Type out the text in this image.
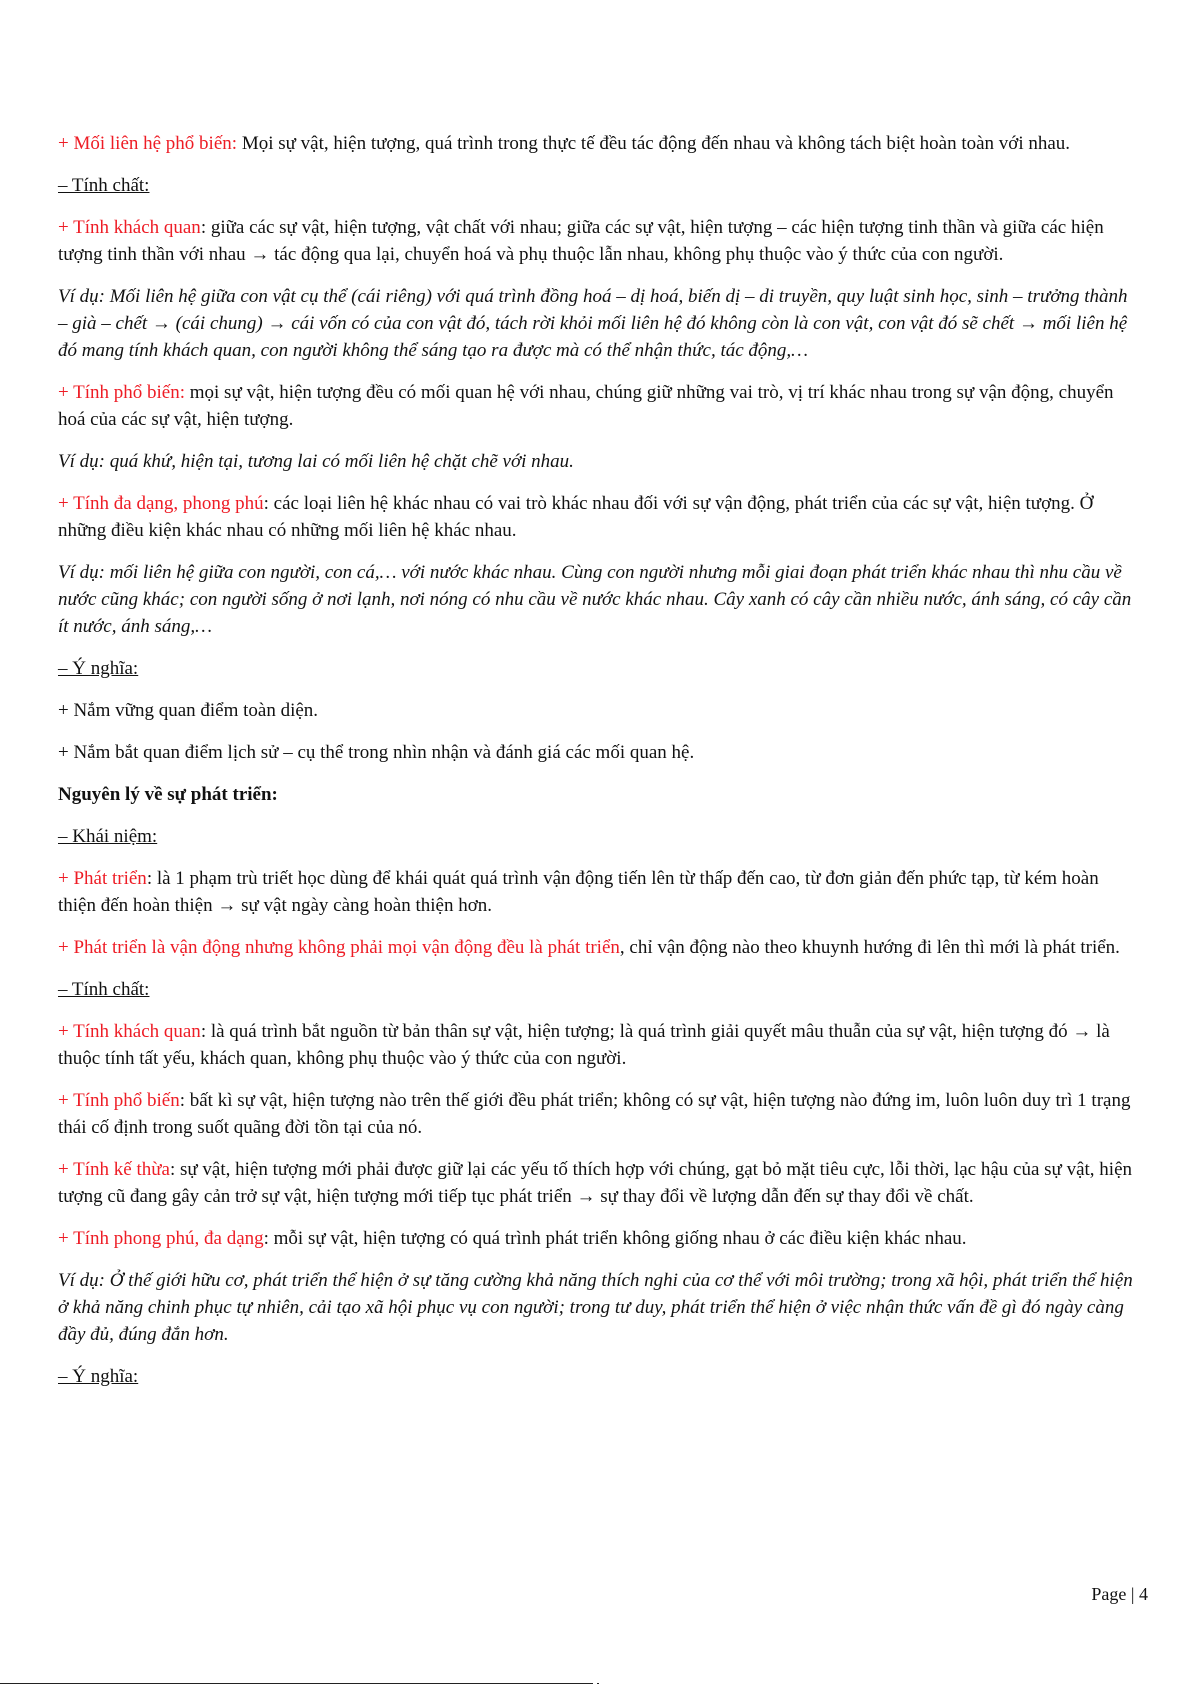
+ Mối liên hệ phổ biến: Mọi sự vật, hiện tượng, quá trình trong thực tế đều tác động đến nhau và không tách biệt hoàn toàn với nhau.

– Tính chất:

+ Tính khách quan: giữa các sự vật, hiện tượng, vật chất với nhau; giữa các sự vật, hiện tượng – các hiện tượng tinh thần và giữa các hiện tượng tinh thần với nhau → tác động qua lại, chuyển hoá và phụ thuộc lẫn nhau, không phụ thuộc vào ý thức của con người.

Ví dụ: Mối liên hệ giữa con vật cụ thể (cái riêng) với quá trình đồng hoá – dị hoá, biến dị – di truyền, quy luật sinh học, sinh – trưởng thành – già – chết → (cái chung) → cái vốn có của con vật đó, tách rời khỏi mối liên hệ đó không còn là con vật, con vật đó sẽ chết → mối liên hệ đó mang tính khách quan, con người không thể sáng tạo ra được mà có thể nhận thức, tác động,…

+ Tính phổ biến: mọi sự vật, hiện tượng đều có mối quan hệ với nhau, chúng giữ những vai trò, vị trí khác nhau trong sự vận động, chuyển hoá của các sự vật, hiện tượng.

Ví dụ: quá khứ, hiện tại, tương lai có mối liên hệ chặt chẽ với nhau.

+ Tính đa dạng, phong phú: các loại liên hệ khác nhau có vai trò khác nhau đối với sự vận động, phát triển của các sự vật, hiện tượng. Ở những điều kiện khác nhau có những mối liên hệ khác nhau.

Ví dụ: mối liên hệ giữa con người, con cá,… với nước khác nhau. Cùng con người nhưng mỗi giai đoạn phát triển khác nhau thì nhu cầu về nước cũng khác; con người sống ở nơi lạnh, nơi nóng có nhu cầu về nước khác nhau. Cây xanh có cây cần nhiều nước, ánh sáng, có cây cần ít nước, ánh sáng,…

– Ý nghĩa:

+ Nắm vững quan điểm toàn diện.

+ Nắm bắt quan điểm lịch sử – cụ thể trong nhìn nhận và đánh giá các mối quan hệ.

Nguyên lý về sự phát triển:

– Khái niệm:

+ Phát triển: là 1 phạm trù triết học dùng để khái quát quá trình vận động tiến lên từ thấp đến cao, từ đơn giản đến phức tạp, từ kém hoàn thiện đến hoàn thiện → sự vật ngày càng hoàn thiện hơn.

+ Phát triển là vận động nhưng không phải mọi vận động đều là phát triển, chỉ vận động nào theo khuynh hướng đi lên thì mới là phát triển.

– Tính chất:

+ Tính khách quan: là quá trình bắt nguồn từ bản thân sự vật, hiện tượng; là quá trình giải quyết mâu thuẫn của sự vật, hiện tượng đó → là thuộc tính tất yếu, khách quan, không phụ thuộc vào ý thức của con người.

+ Tính phổ biến: bất kì sự vật, hiện tượng nào trên thế giới đều phát triển; không có sự vật, hiện tượng nào đứng im, luôn luôn duy trì 1 trạng thái cố định trong suốt quãng đời tồn tại của nó.

+ Tính kế thừa: sự vật, hiện tượng mới phải được giữ lại các yếu tố thích hợp với chúng, gạt bỏ mặt tiêu cực, lỗi thời, lạc hậu của sự vật, hiện tượng cũ đang gây cản trở sự vật, hiện tượng mới tiếp tục phát triển → sự thay đổi về lượng dẫn đến sự thay đổi về chất.

+ Tính phong phú, đa dạng: mỗi sự vật, hiện tượng có quá trình phát triển không giống nhau ở các điều kiện khác nhau.

Ví dụ: Ở thế giới hữu cơ, phát triển thể hiện ở sự tăng cường khả năng thích nghi của cơ thể với môi trường; trong xã hội, phát triển thể hiện ở khả năng chinh phục tự nhiên, cải tạo xã hội phục vụ con người; trong tư duy, phát triển thể hiện ở việc nhận thức vấn đề gì đó ngày càng đầy đủ, đúng đắn hơn.

– Ý nghĩa:

Page | 4
